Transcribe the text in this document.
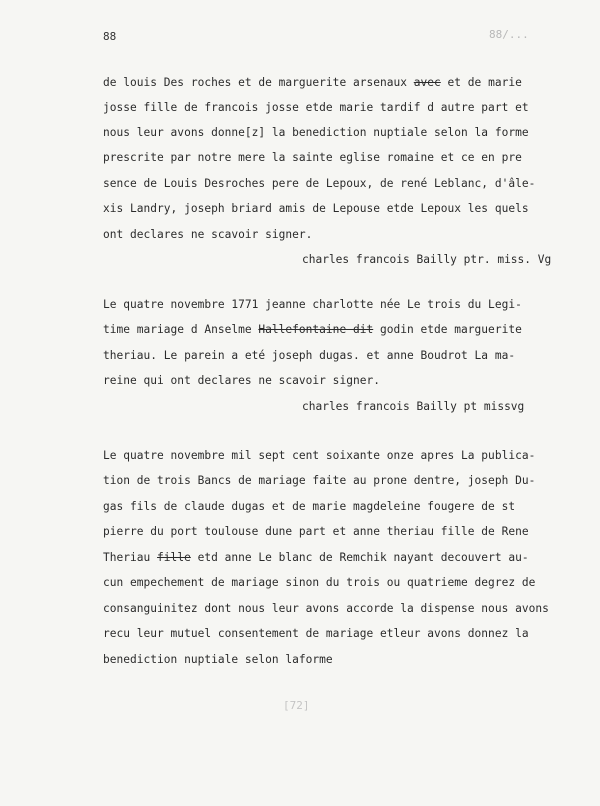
88	88/...
de louis Des roches et de marguerite arsenaux avec et de marie
josse fille de francois josse etde marie tardif d autre part et
nous leur avons donne[z] la benediction nuptiale selon la forme
prescrite par notre mere la sainte eglise romaine et ce en pre
sence de Louis Desroches pere de Lepoux, de rené Leblanc, d'âle-
xis Landry, joseph briard amis de Lepouse etde Lepoux les quels
ont declares ne scavoir signer.
charles francois Bailly ptr. miss. Vg
Le quatre novembre 1771 jeanne charlotte née Le trois du Legi-
time mariage d Anselme Hallefontaine dit godin etde marguerite
theriau. Le parein a eté joseph dugas. et anne Boudrot La ma-
reine qui ont declares ne scavoir signer.
charles francois Bailly pt missvg
Le quatre novembre mil sept cent soixante onze apres La publica-
tion de trois Bancs de mariage faite au prone dentre, joseph Du-
gas fils de claude dugas et de marie magdeleine fougere de st
pierre du port toulouse dune part et anne theriau fille de Rene
Theriau fille etd anne Le blanc de Remchik nayant decouvert au-
cun empechement de mariage sinon du trois ou quatrieme degrez de
consanguinitez dont nous leur avons accorde la dispense nous avons
recu leur mutuel consentement de mariage etleur avons donnez la
benediction nuptiale selon laforme
[72]
